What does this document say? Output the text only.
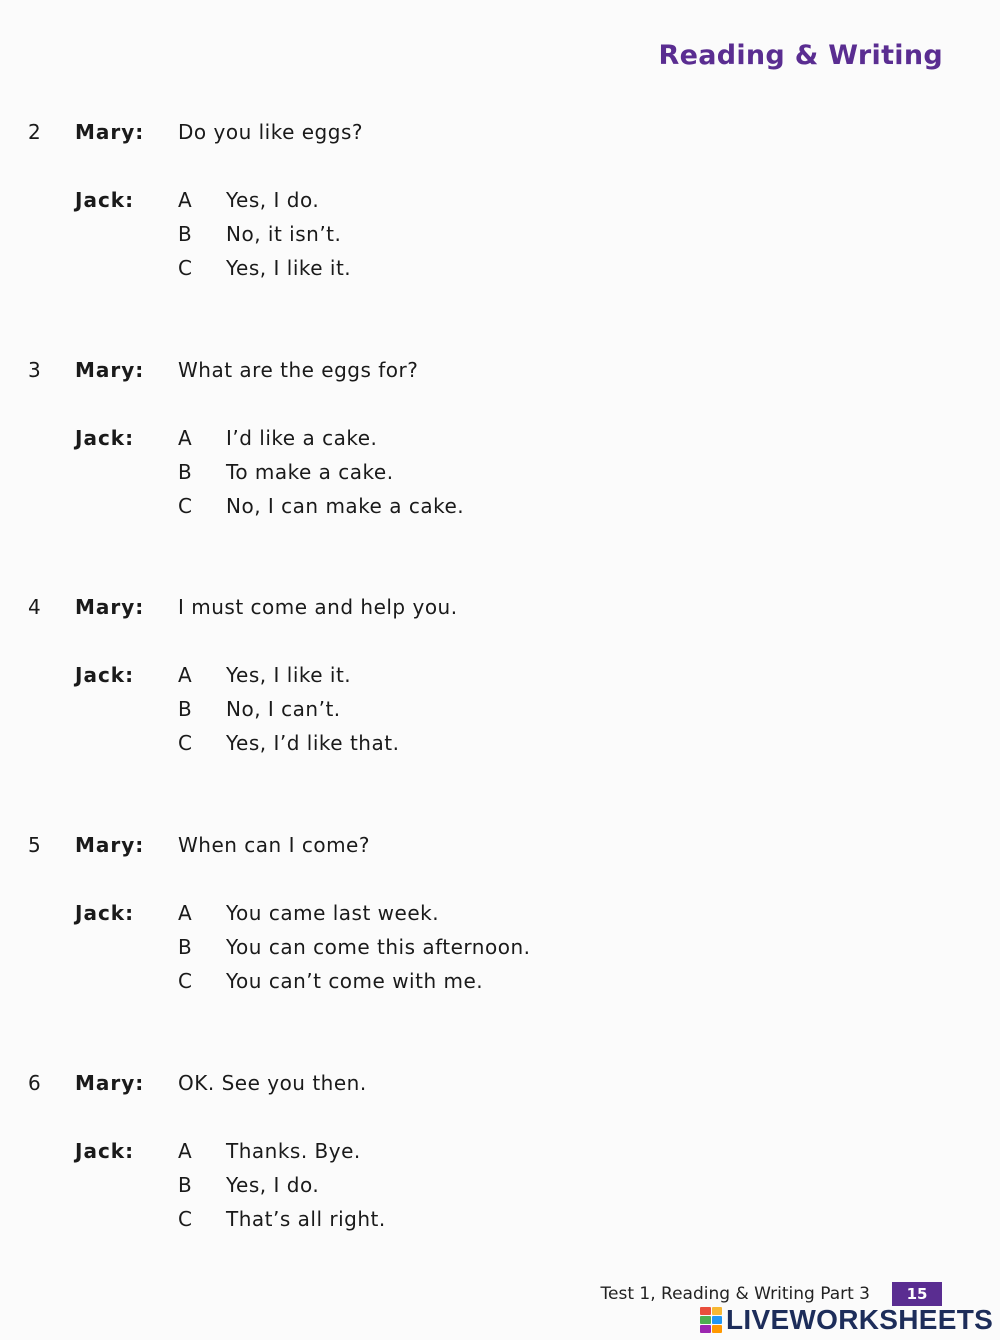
Reading & Writing
2 Mary: Do you like eggs?
Jack: A	Yes, I do.
B	No, it isn’t.
C	Yes, I like it.
3 Mary: What are the eggs for?
Jack: A	I’d like a cake.
B	To make a cake.
C	No, I can make a cake.
4 Mary: I must come and help you.
Jack: A	Yes, I like it.
B	No, I can’t.
C	Yes, I’d like that.
5 Mary: When can I come?
Jack: A	You came last week.
B	You can come this afternoon.
C	You can’t come with me.
6 Mary: OK. See you then.
Jack: A	Thanks. Bye.
B	Yes, I do.
C	That’s all right.
Test 1, Reading & Writing Part 3	15
LIVEWORKSHEETS
